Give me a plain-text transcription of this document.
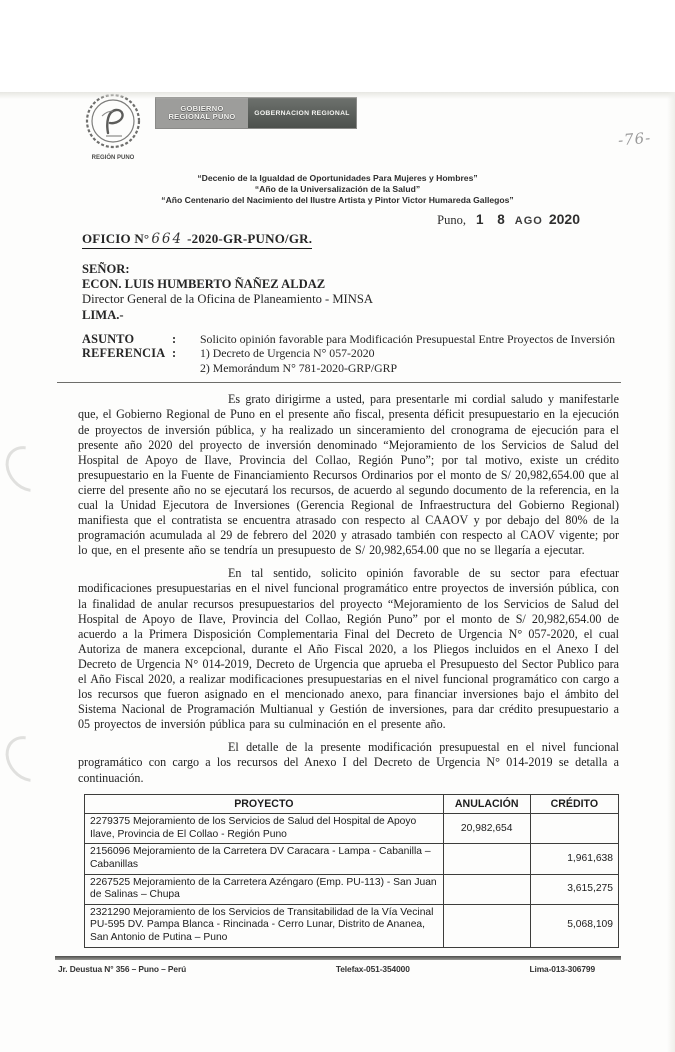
-76-
REGIÓN PUNO
GOBIERNO REGIONAL PUNO	GOBERNACION REGIONAL
“Decenio de la Igualdad de Oportunidades Para Mujeres y Hombres”
“Año de la Universalización de la Salud”
“Año Centenario del Nacimiento del Ilustre Artista y Pintor Victor Humareda Gallegos”
Puno, 1 8 AGO 2020
OFICIO N° 664 -2020-GR-PUNO/GR.
SEÑOR:
ECON. LUIS HUMBERTO ÑAÑEZ ALDAZ
Director General de la Oficina de Planeamiento - MINSA
LIMA.-
ASUNTO	:	Solicito opinión favorable para Modificación Presupuestal Entre Proyectos de Inversión
REFERENCIA :	1) Decreto de Urgencia N° 057-2020
2) Memorándum N° 781-2020-GRP/GRP

Es grato dirigirme a usted, para presentarle mi cordial saludo y manifestarle que, el Gobierno Regional de Puno en el presente año fiscal, presenta déficit presupuestario en la ejecución de proyectos de inversión pública, y ha realizado un sinceramiento del cronograma de ejecución para el presente año 2020 del proyecto de inversión denominado “Mejoramiento de los Servicios de Salud del Hospital de Apoyo de Ilave, Provincia del Collao, Región Puno”; por tal motivo, existe un crédito presupuestario en la Fuente de Financiamiento Recursos Ordinarios por el monto de S/ 20,982,654.00 que al cierre del presente año no se ejecutará los recursos, de acuerdo al segundo documento de la referencia, en la cual la Unidad Ejecutora de Inversiones (Gerencia Regional de Infraestructura del Gobierno Regional) manifiesta que el contratista se encuentra atrasado con respecto al CAAOV y por debajo del 80% de la programación acumulada al 29 de febrero del 2020 y atrasado también con respecto al CAOV vigente; por lo que, en el presente año se tendría un presupuesto de S/ 20,982,654.00 que no se llegaría a ejecutar.

En tal sentido, solicito opinión favorable de su sector para efectuar modificaciones presupuestarias en el nivel funcional programático entre proyectos de inversión pública, con la finalidad de anular recursos presupuestarios del proyecto “Mejoramiento de los Servicios de Salud del Hospital de Apoyo de Ilave, Provincia del Collao, Región Puno” por el monto de S/ 20,982,654.00 de acuerdo a la Primera Disposición Complementaria Final del Decreto de Urgencia N° 057-2020, el cual Autoriza de manera excepcional, durante el Año Fiscal 2020, a los Pliegos incluidos en el Anexo I del Decreto de Urgencia N° 014-2019, Decreto de Urgencia que aprueba el Presupuesto del Sector Publico para el Año Fiscal 2020, a realizar modificaciones presupuestarias en el nivel funcional programático con cargo a los recursos que fueron asignado en el mencionado anexo, para financiar inversiones bajo el ámbito del Sistema Nacional de Programación Multianual y Gestión de inversiones, para dar crédito presupuestario a 05 proyectos de inversión pública para su culminación en el presente año.

El detalle de la presente modificación presupuestal en el nivel funcional programático con cargo a los recursos del Anexo I del Decreto de Urgencia N° 014-2019 se detalla a continuación.

PROYECTO	ANULACIÓN	CRÉDITO
2279375 Mejoramiento de los Servicios de Salud del Hospital de Apoyo Ilave, Provincia de El Collao - Región Puno	20,982,654	
2156096 Mejoramiento de la Carretera DV Caracara - Lampa - Cabanilla – Cabanillas		1,961,638
2267525 Mejoramiento de la Carretera Azéngaro (Emp. PU-113) - San Juan de Salinas – Chupa		3,615,275
2321290 Mejoramiento de los Servicios de Transitabilidad de la Vía Vecinal PU-595 DV. Pampa Blanca - Rincinada - Cerro Lunar, Distrito de Ananea, San Antonio de Putina – Puno		5,068,109
Jr. Deustua N° 356 – Puno – Perú	Telefax-051-354000	Lima-013-306799
